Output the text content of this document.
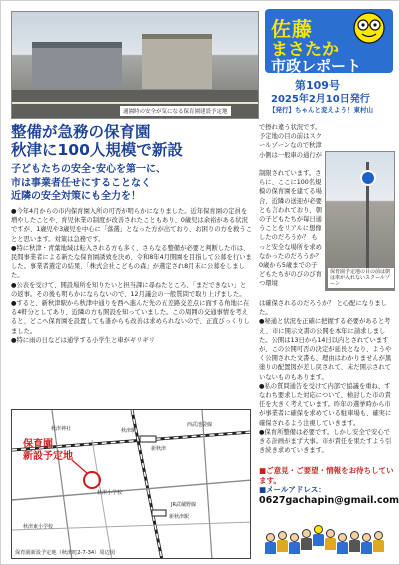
通園時の安全が気になる保育園建設予定地
佐藤
まさたか
市政レポート
第109号
2025年2月10日発行
【発行】ちゃんと変えよう！東村山
整備が急務の保育園
秋津に100人規模で新設
子どもたちの安全･安心を第一に、
市は事業者任せにすることなく
近隣の安全対策にも全力を！

●今年4月からの市内保育園入所の可否が明らかになりました。近年保育園の定員を増やしたことや、育児休業の制度が改善されたこともあり、0歳児は余裕がある状況ですが、1歳児や3歳児を中心に「落選」となった方が出ており、お困りの方を救うことと思います。対策は急務です。

●特に秋津・青葉地域は転入される方も多く、さらなる整備が必要と判断した市は、民間事業者による新たな保育園誘致を決め、令和8年4月開園を目指して公募を行いました。事業者選定の結果、「株式会社こどもの森」が選定され8月末に公募をしました。

●公表を受けて、開設場所を知りたいと担当課に尋ねたところ、「まだできない」との返事。その後も明らかにならないので、12月議会の一般質問で取り上げました。

●すると、新秋津駅から秋津中通りを西へ進んだ先の五差路交差点に面する角地に在る4軒分としてあり、近隣の方も開設を知っていました。この周囲の交通事情を考えると、どこへ保育園を設置しても誰からも改善は求められないので、正直びっくりしました。

●特に雨の日などは通学する小学生と車がギリギリ

で擦れ違う状況です。
予定地の目の前はスクールゾーンなので秋津小側は一般車の通行が
制限されています。さらに、ここに100名規模の保育園を建てる場合、近隣の送迎が必要とも言われており、朝の子どもたちが毎日通うことをリアルに想像したのだろうか？ もっと安全な場所を求めなかったのだろうか？ 0歳から5歳までの子どもたちがのびのび育つ環境
保育園予定地の目の前は朝は車が入れないスクールゾーン

は確保されるのだろうか？ と心配になりました。

●秘通と状況を正確に把握する必要があると考え、市に開示文書の公開を本年に請求しました。公開は13日から14日以内とされていますが、この公開可否の決定が延長となり、ようやく公開された文書も、理由はわかりませんが黒塗りの配置図が差し戻されて、未だ開示されていないものもあります。

●私の質問通告を受けて内部で協議を重ね、すなわち要求した対応について、検討した市の責任を大きく考えています。昨年の選挙時から市が事業者に確保を求めている駐車場も、確実に確保されるよう注視していきます。

●保育所整備は必要です。しかし安全で安心できる計画がまず大事。市が責任を果たすよう引き続き求めていきます。

■ご意見・ご要望・情報をお待ちしています。
■メールアドレス：
0627gachapin@gmail.com
保育園
新設予定地
秋津神社
西武池袋線
新秋津
JR武蔵野線
秋津小学校
秋津東小学校
秋津駅
新秋津駅
保育園新設予定地（秋津町2-7-34）周辺図
